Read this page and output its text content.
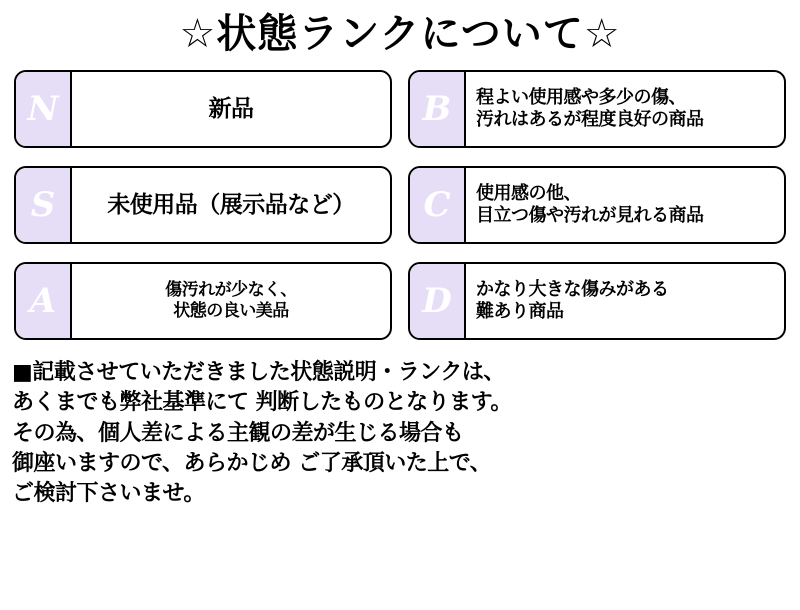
☆状態ランクについて☆
N	新品	B	程よい使用感や多少の傷、
汚れはあるが程度良好の商品
S	未使用品（展示品など）	C	使用感の他、
目立つ傷や汚れが見れる商品
A	傷汚れが少なく、
状態の良い美品	D	かなり大きな傷みがある
難あり商品
■記載させていただきました状態説明・ランクは、
あくまでも弊社基準にて 判断したものとなります。
その為、個人差による主観の差が生じる場合も
御座いますので、あらかじめ ご了承頂いた上で、
ご検討下さいませ。
